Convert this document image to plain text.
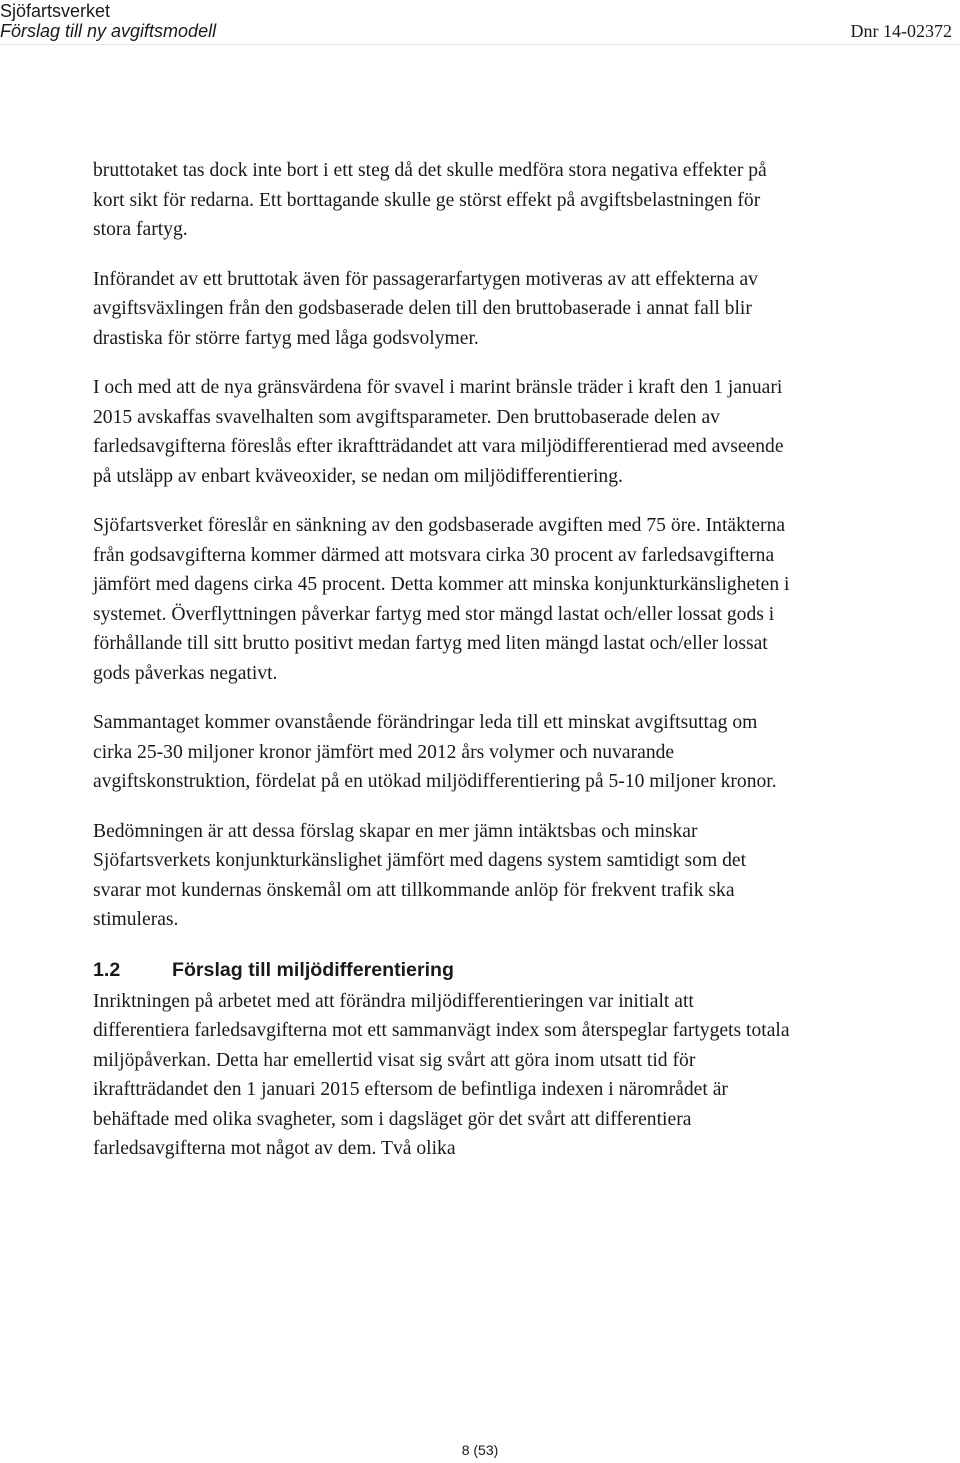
Sjöfartsverket
Förslag till ny avgiftsmodell	Dnr 14-02372

bruttotaket tas dock inte bort i ett steg då det skulle medföra stora negativa effekter på kort sikt för redarna. Ett borttagande skulle ge störst effekt på avgiftsbelastningen för stora fartyg.

Införandet av ett bruttotak även för passagerarfartygen motiveras av att effekterna av avgiftsväxlingen från den godsbaserade delen till den bruttobaserade i annat fall blir drastiska för större fartyg med låga godsvolymer.

I och med att de nya gränsvärdena för svavel i marint bränsle träder i kraft den 1 januari 2015 avskaffas svavelhalten som avgiftsparameter. Den bruttobaserade delen av farledsavgifterna föreslås efter ikraftträdandet att vara miljödifferentierad med avseende på utsläpp av enbart kväveoxider, se nedan om miljödifferentiering.

Sjöfartsverket föreslår en sänkning av den godsbaserade avgiften med 75 öre. Intäkterna från godsavgifterna kommer därmed att motsvara cirka 30 procent av farledsavgifterna jämfört med dagens cirka 45 procent. Detta kommer att minska konjunkturkänsligheten i systemet. Överflyttningen påverkar fartyg med stor mängd lastat och/eller lossat gods i förhållande till sitt brutto positivt medan fartyg med liten mängd lastat och/eller lossat gods påverkas negativt.

Sammantaget kommer ovanstående förändringar leda till ett minskat avgiftsuttag om cirka 25-30 miljoner kronor jämfört med 2012 års volymer och nuvarande avgiftskonstruktion, fördelat på en utökad miljödifferentiering på 5-10 miljoner kronor.

Bedömningen är att dessa förslag skapar en mer jämn intäktsbas och minskar Sjöfartsverkets konjunkturkänslighet jämfört med dagens system samtidigt som det svarar mot kundernas önskemål om att tillkommande anlöp för frekvent trafik ska stimuleras.

1.2	Förslag till miljödifferentiering

Inriktningen på arbetet med att förändra miljödifferentieringen var initialt att differentiera farledsavgifterna mot ett sammanvägt index som återspeglar fartygets totala miljöpåverkan. Detta har emellertid visat sig svårt att göra inom utsatt tid för ikraftträdandet den 1 januari 2015 eftersom de befintliga indexen i närområdet är behäftade med olika svagheter, som i dagsläget gör det svårt att differentiera farledsavgifterna mot något av dem. Två olika

8 (53)
